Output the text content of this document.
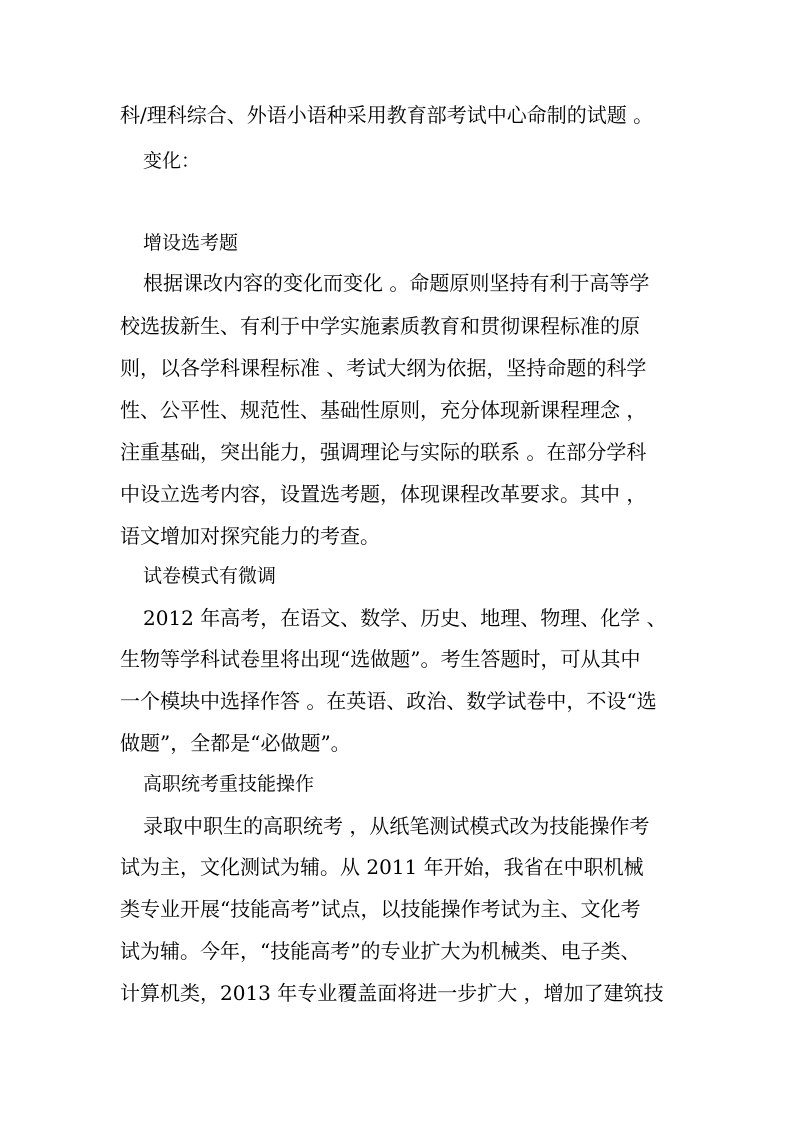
科/理科综合、外语小语种采用教育部考试中心命制的试题 。
变化：
增设选考题
根据课改内容的变化而变化 。命题原则坚持有利于高等学
校选拔新生、有利于中学实施素质教育和贯彻课程标准的原
则，以各学科课程标准 、考试大纲为依据，坚持命题的科学
性、公平性、规范性、基础性原则，充分体现新课程理念 ，
注重基础，突出能力，强调理论与实际的联系 。在部分学科
中设立选考内容，设置选考题，体现课程改革要求。其中 ，
语文增加对探究能力的考查。
试卷模式有微调
2012 年高考，在语文、数学、历史、地理、物理、化学 、
生物等学科试卷里将出现“选做题”。考生答题时，可从其中
一个模块中选择作答 。在英语、政治、数学试卷中，不设“选
做题”，全都是“必做题”。
高职统考重技能操作
录取中职生的高职统考 ，从纸笔测试模式改为技能操作考
试为主，文化测试为辅。从 2011 年开始，我省在中职机械
类专业开展“技能高考”试点，以技能操作考试为主、文化考
试为辅。今年，“技能高考”的专业扩大为机械类、电子类、
计算机类，2013 年专业覆盖面将进一步扩大 ，增加了建筑技
